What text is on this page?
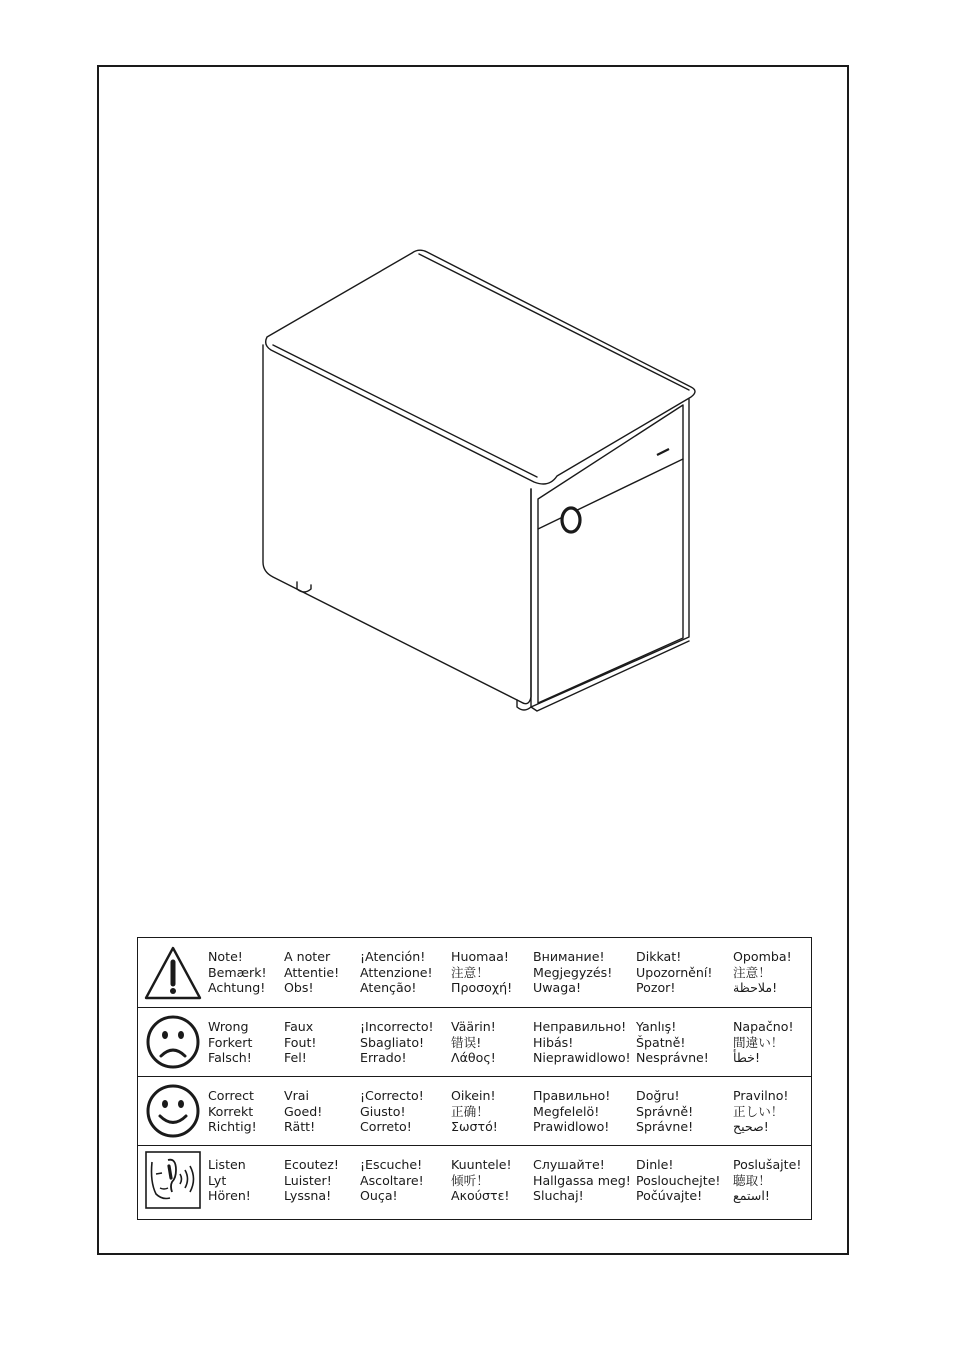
Note!
Bemærk!
Achtung!
A noter
Attentie!
Obs!
¡Atención!
Attenzione!
Atenção!
Huomaa!
注意！
Προσοχή!
Внимание!
Megjegyzés!
Uwaga!
Dikkat!
Upozornění!
Pozor!
Opomba!
注意！
ملاحظة!
Wrong
Forkert
Falsch!
Faux
Fout!
Fel!
¡Incorrecto!
Sbagliato!
Errado!
Väärin!
错误!
Λάθος!
Неправильно!
Hibás!
Nieprawidlowo!
Yanlış!
Špatně!
Nesprávne!
Napačno!
間違い！
خطأ!
Correct
Korrekt
Richtig!
Vrai
Goed!
Rätt!
¡Correcto!
Giusto!
Correto!
Oikein!
正确！
Σωστό!
Правильно!
Megfelelö!
Prawidlowo!
Doğru!
Správně!
Správne!
Pravilno!
正しい！
صحيح!
Listen
Lyt
Hören!
Ecoutez!
Luister!
Lyssna!
¡Escuche!
Ascoltare!
Ouça!
Kuuntele!
倾听！
Ακούστε!
Слушайте!
Hallgassa meg!
Sluchaj!
Dinle!
Poslouchejte!
Počúvajte!
Poslušajte!
聴取！
استمع!
